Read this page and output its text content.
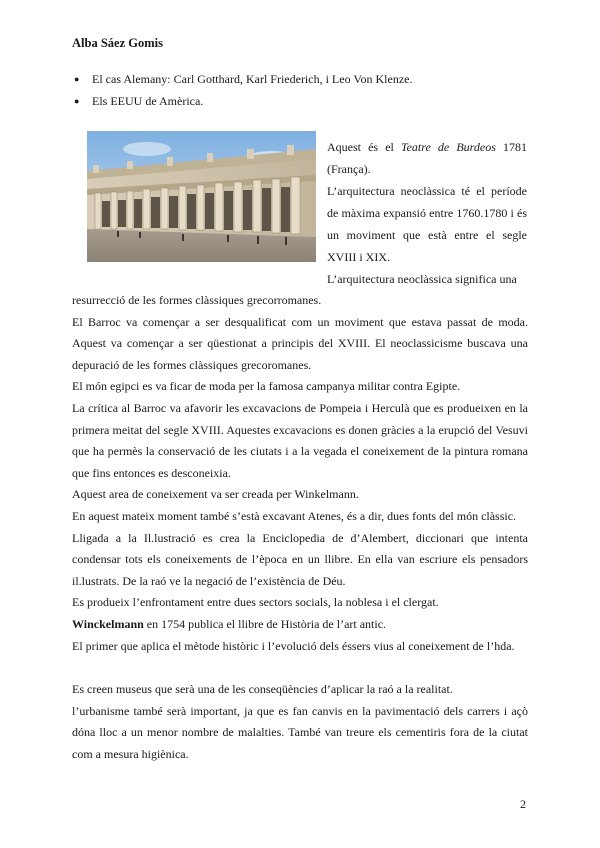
Alba Sáez Gomis
● El cas Alemany: Carl Gotthard, Karl Friederich, i Leo Von Klenze.
● Els EEUU de Amèrica.

Aquest és el Teatre de Burdeos 1781 (França).

L’arquitectura neoclàssica té el període de màxima expansió entre 1760.1780 i és un moviment que està entre el segle XVIII i XIX.

L’arquitectura neoclàssica significa una

resurrecció de les formes clàssiques grecorromanes.

El Barroc va començar a ser desqualificat com un moviment que estava passat de moda. Aquest va començar a ser qüestionat a principis del XVIII. El neoclassicisme buscava una depuració de les formes clàssiques grecoromanes.

El món egipci es va ficar de moda per la famosa campanya militar contra Egipte.

La crítica al Barroc va afavorir les excavacions de Pompeia i Herculà que es produeixen en la primera meitat del segle XVIII. Aquestes excavacions es donen gràcies a la erupció del Vesuvi que ha permès la conservació de les ciutats i a la vegada el coneixement de la pintura romana que fins entonces es desconeixia.

Aquest area de coneixement va ser creada per Winkelmann.

En aquest mateix moment també s’està excavant Atenes, és a dir, dues fonts del món clàssic.

Lligada a la Il.lustració es crea la Enciclopedia de d’Alembert, diccionari que intenta condensar tots els coneixements de l’època en un llibre. En ella van escriure els pensadors il.lustrats. De la raó ve la negació de l’existència de Déu.

Es produeix l’enfrontament entre dues sectors socials, la noblesa i el clergat.

Winckelmann en 1754 publica el llibre de Història de l’art antic.

El primer que aplica el mètode històric i l’evolució dels éssers vius al coneixement de l’hda.

Es creen museus que serà una de les conseqüències d’aplicar la raó a la realitat.

l’urbanisme també serà important, ja que es fan canvis en la pavimentació dels carrers i açò dóna lloc a un menor nombre de malalties. També van treure els cementiris fora de la ciutat com a mesura higiènica.

2
